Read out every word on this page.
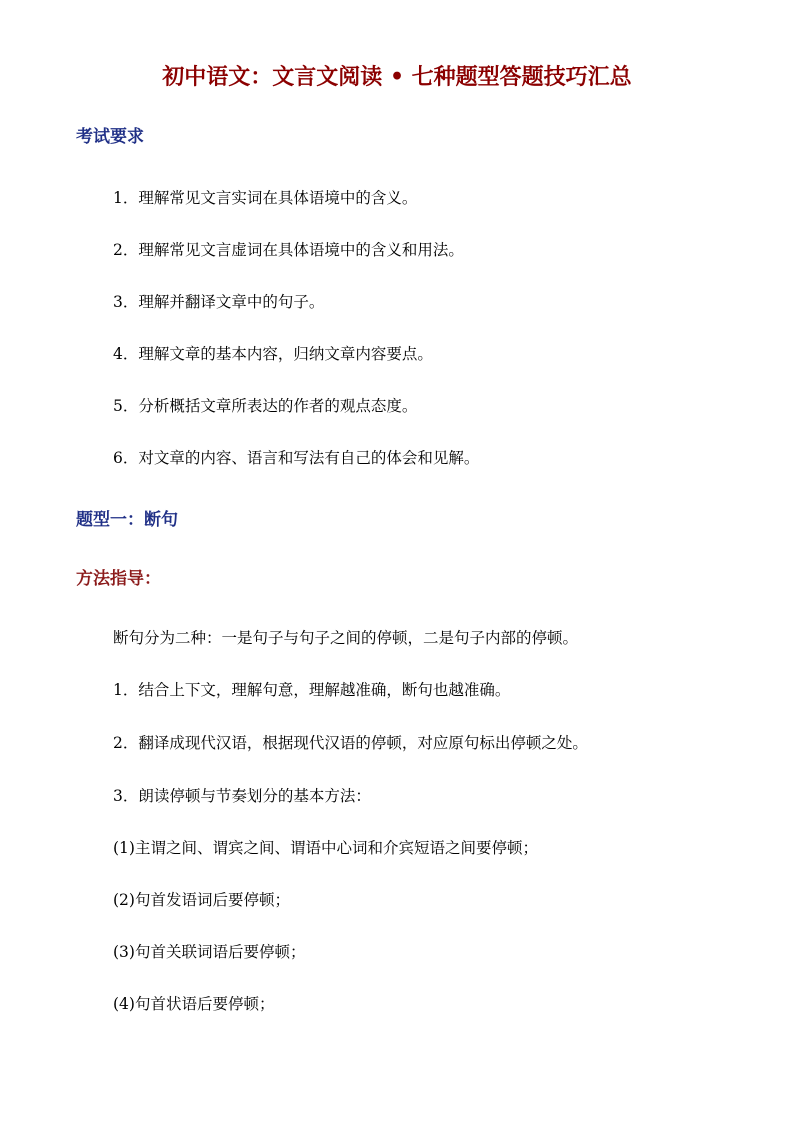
初中语文：文言文阅读 • 七种题型答题技巧汇总
考试要求

1．理解常见文言实词在具体语境中的含义。

2．理解常见文言虚词在具体语境中的含义和用法。

3．理解并翻译文章中的句子。

4．理解文章的基本内容，归纳文章内容要点。

5．分析概括文章所表达的作者的观点态度。

6．对文章的内容、语言和写法有自己的体会和见解。

题型一：断句
方法指导：

断句分为二种：一是句子与句子之间的停顿，二是句子内部的停顿。

1．结合上下文，理解句意，理解越准确，断句也越准确。

2．翻译成现代汉语，根据现代汉语的停顿，对应原句标出停顿之处。

3．朗读停顿与节奏划分的基本方法：

(1)主谓之间、谓宾之间、谓语中心词和介宾短语之间要停顿；

(2)句首发语词后要停顿；

(3)句首关联词语后要停顿；

(4)句首状语后要停顿；
